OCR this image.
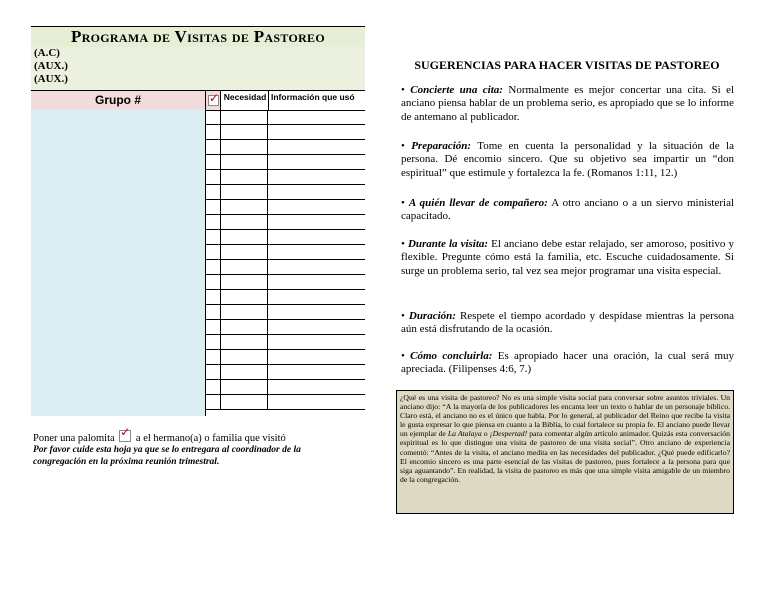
Programa de Visitas de Pastoreo
(A.C)
(AUX.)
(AUX.)
Grupo #	✓ Necesidad Información que usó
Poner una palomita ✓ a el hermano(a) o familia que visitó
Por favor cuide esta hoja ya que se lo entregara al coordinador de la congregación en la próxima reunión trimestral.
SUGERENCIAS PARA HACER VISITAS DE PASTOREO
• Concierte una cita: Normalmente es mejor concertar una cita. Si el anciano piensa hablar de un problema serio, es apropiado que se lo informe de antemano al publicador.
• Preparación: Tome en cuenta la personalidad y la situación de la persona. Dé encomio sincero. Que su objetivo sea impartir un “don espiritual” que estimule y fortalezca la fe. (Romanos 1:11, 12.)
• A quién llevar de compañero: A otro anciano o a un siervo ministerial capacitado.
• Durante la visita: El anciano debe estar relajado, ser amoroso, positivo y flexible. Pregunte cómo está la familia, etc. Escuche cuidadosamente. Si surge un problema serio, tal vez sea mejor programar una visita especial.
• Duración: Respete el tiempo acordado y despídase mientras la persona aún está disfrutando de la ocasión.
• Cómo concluirla: Es apropiado hacer una oración, la cual será muy apreciada. (Filipenses 4:6, 7.)
¿Qué es una visita de pastoreo? No es una simple visita social para conversar sobre asuntos triviales. Un anciano dijo: “A la mayoría de los publicadores les encanta leer un texto o hablar de un personaje bíblico. Claro está, el anciano no es el único que habla. Por lo general, al publicador del Reino que recibe la visita le gusta expresar lo que piensa en cuanto a la Biblia, lo cual fortalece su propia fe. El anciano puede llevar un ejemplar de La Atalaya o ¡Despertad! para comentar algún artículo animador. Quizás esta conversación espiritual es lo que distingue una visita de pastoreo de una visita social”. Otro anciano de experiencia comentó: “Antes de la visita, el anciano medita en las necesidades del publicador. ¿Qué puede edificarlo? El encomio sincero es una parte esencial de las visitas de pastoreo, pues fortalece a la persona para que siga aguantando”. En realidad, la visita de pastoreo es más que una simple visita amigable de un miembro de la congregación.
